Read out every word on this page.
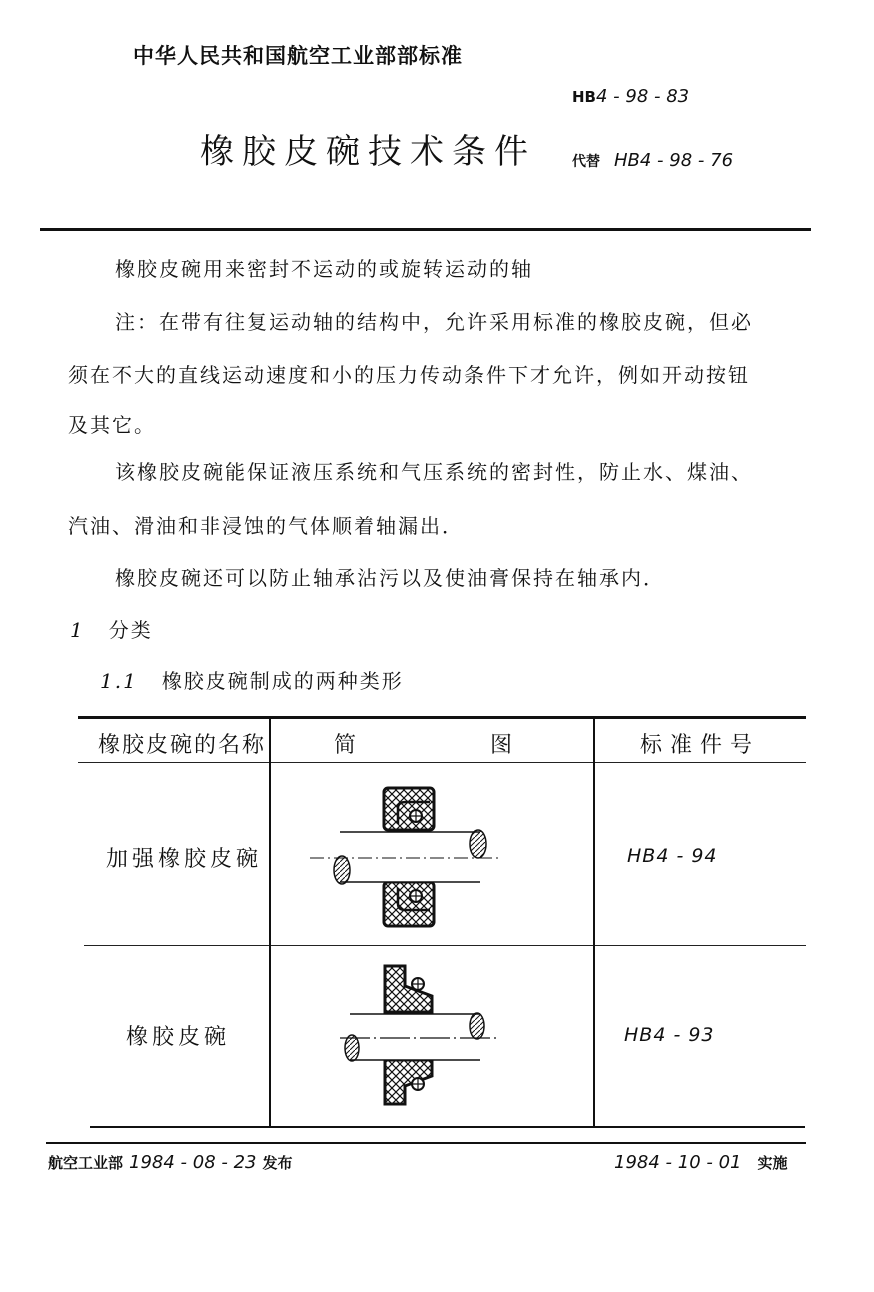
中华人民共和国航空工业部部标准
HB4 - 98 - 83
橡胶皮碗技术条件	代替 HB4 - 98 - 76
橡胶皮碗用来密封不运动的或旋转运动的轴
注：在带有往复运动轴的结构中，允许采用标准的橡胶皮碗，但必
须在不大的直线运动速度和小的压力传动条件下才允许，例如开动按钮
及其它。
该橡胶皮碗能保证液压系统和气压系统的密封性，防止水、煤油、
汽油、滑油和非浸蚀的气体顺着轴漏出．
橡胶皮碗还可以防止轴承沾污以及使油膏保持在轴承内．
1 分类
1.1 橡胶皮碗制成的两种类形
橡胶皮碗的名称	简	图	标准件号
加强橡胶皮碗	HB4 - 94
橡胶皮碗	HB4 - 93
航空工业部 1984 - 08 - 23 发布	1984 - 10 - 01 实施
